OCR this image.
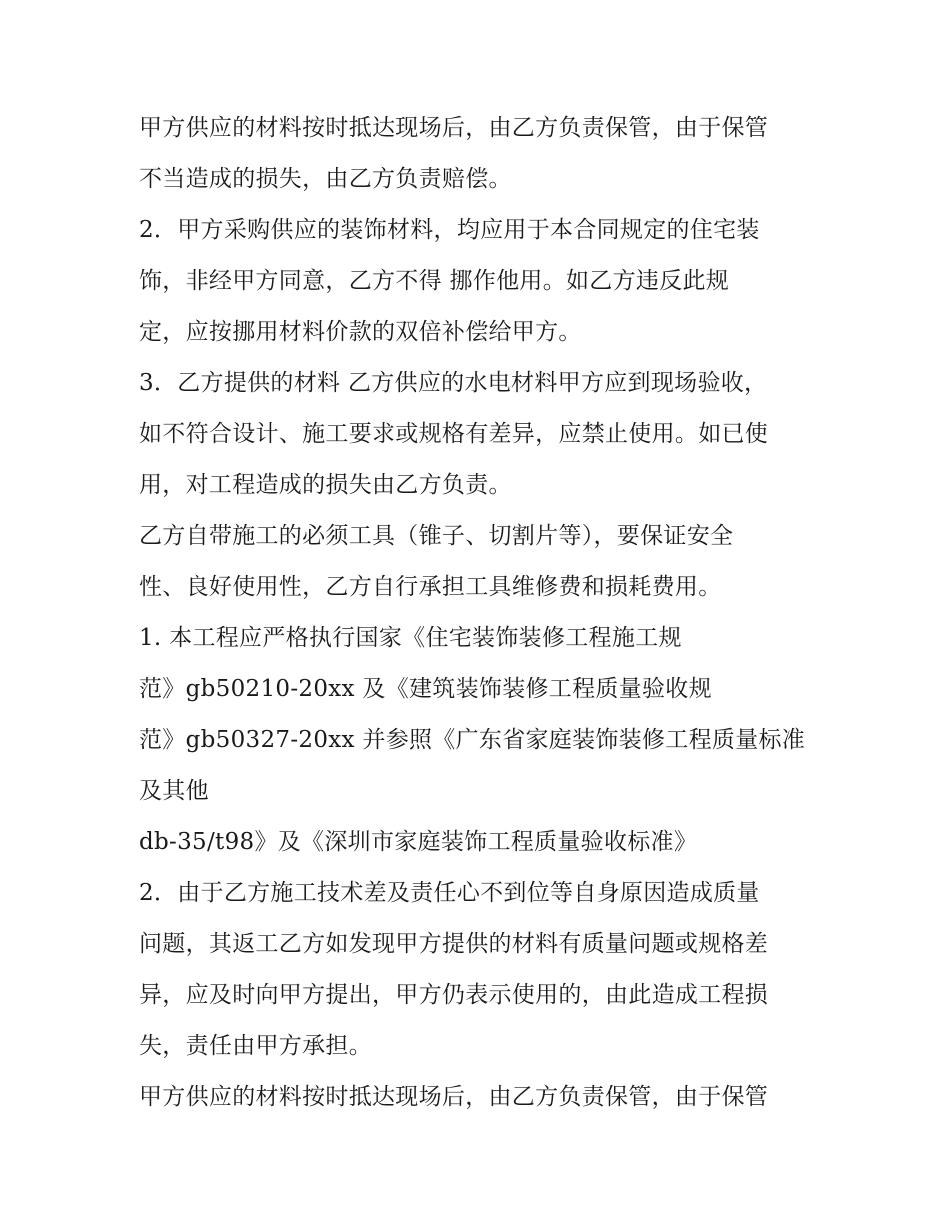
甲方供应的材料按时抵达现场后，由乙方负责保管，由于保管
不当造成的损失，由乙方负责赔偿。
2．甲方采购供应的装饰材料，均应用于本合同规定的住宅装
饰，非经甲方同意，乙方不得 挪作他用。如乙方违反此规
定，应按挪用材料价款的双倍补偿给甲方。
3．乙方提供的材料 乙方供应的水电材料甲方应到现场验收，
如不符合设计、施工要求或规格有差异，应禁止使用。如已使
用，对工程造成的损失由乙方负责。
乙方自带施工的必须工具（锥子、切割片等），要保证安全
性、良好使用性，乙方自行承担工具维修费和损耗费用。
1. 本工程应严格执行国家《住宅装饰装修工程施工规
范》gb50210-20xx 及《建筑装饰装修工程质量验收规
范》gb50327-20xx 并参照《广东省家庭装饰装修工程质量标准
及其他
db-35/t98》及《深圳市家庭装饰工程质量验收标准》
2．由于乙方施工技术差及责任心不到位等自身原因造成质量
问题，其返工乙方如发现甲方提供的材料有质量问题或规格差
异，应及时向甲方提出，甲方仍表示使用的，由此造成工程损
失，责任由甲方承担。
甲方供应的材料按时抵达现场后，由乙方负责保管，由于保管
